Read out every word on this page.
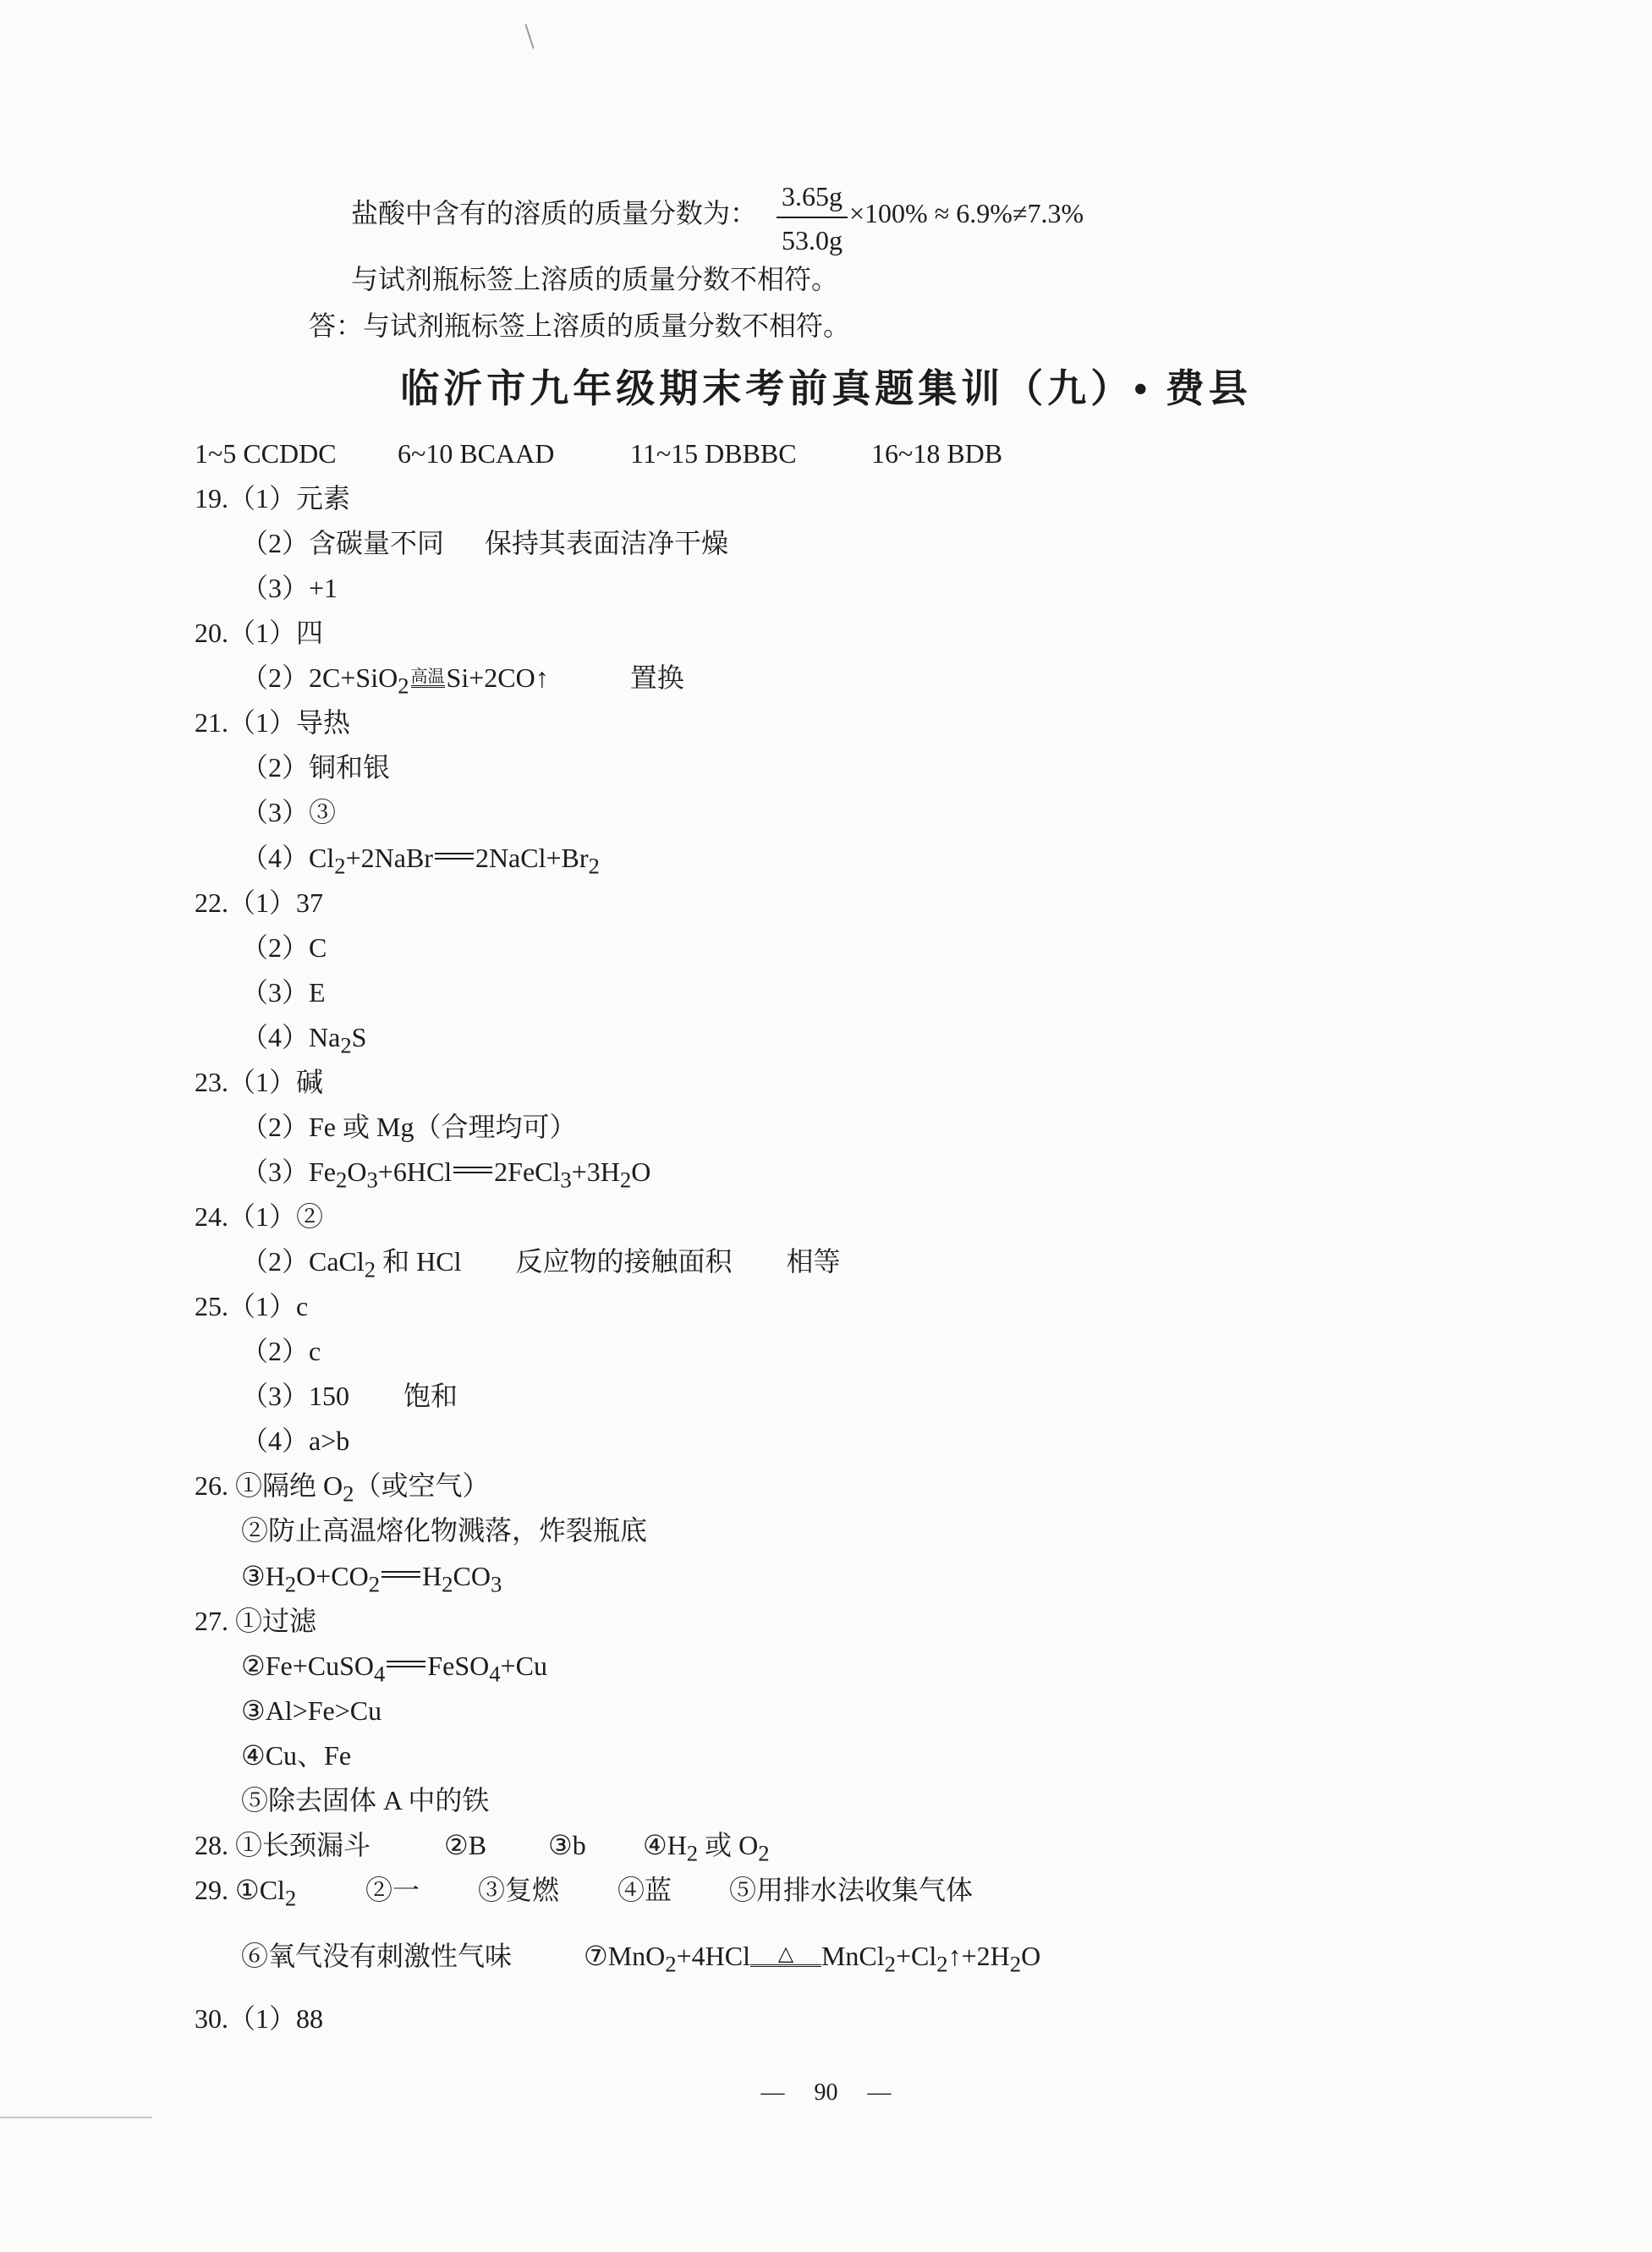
盐酸中含有的溶质的质量分数为： $\frac{3.65g}{53.0g} \times 100\% \approx 6.9\%\ne 7.3\%$
与试剂瓶标签上溶质的质量分数不相符。
答：与试剂瓶标签上溶质的质量分数不相符。
临沂市九年级期末考前真题集训（九）• 费县
1~5 CCDDC 6~10 BCAAD	11~15 DBBBC	16~18 BDB
19.（1）元素
（2）含碳量不同　  保持其表面洁净干燥
（3）+1
20.（1）四
（2）2C+SiO$_2$ 高温Si+2CO↑　　　	置换
21.（1）导热
（2）铜和银
（3）③
$(4)Cl_2+2NaBr$ $2NaCl+Br_2$
22.（1）37
（2）C
（3）E
$(4)Na_2S$
23.（1）碱
（2）Fe 或 Mg（合理均可）
$(3)Fe_2O_3+6HCl$ $2FeCl_3+3H_2O$
24.（1）②
（2）CaCl$_2$ 和 HCl　　 反应物的接触面积　　 相等
25.（1）c
（2）c
（3）150　　饱和
（4）a>b
26. ①隔绝 $O_2$（或空气）
②防止高温熔化物溅落，炸裂瓶底
$③H_2O+CO_2$ $H_2CO_3$
27. ①过滤
②Fe+CuSO$_4$ FeSO$_4$+Cu
③Al>Fe>Cu
④Cu、Fe
⑤除去固体 A 中的铁
28. ①长颈漏斗	②B ③b $④H_2$ 或 $O_2$
29. $①Cl_2$	②一 ③复燃 ④蓝 ⑤用排水法收集气体
⑥氧气没有刺激性气味	⑦MnO$_2$+4HCl △ $MnCl_2+Cl_2↑+2H_2O$
30.（1）88
— 　90　 —
